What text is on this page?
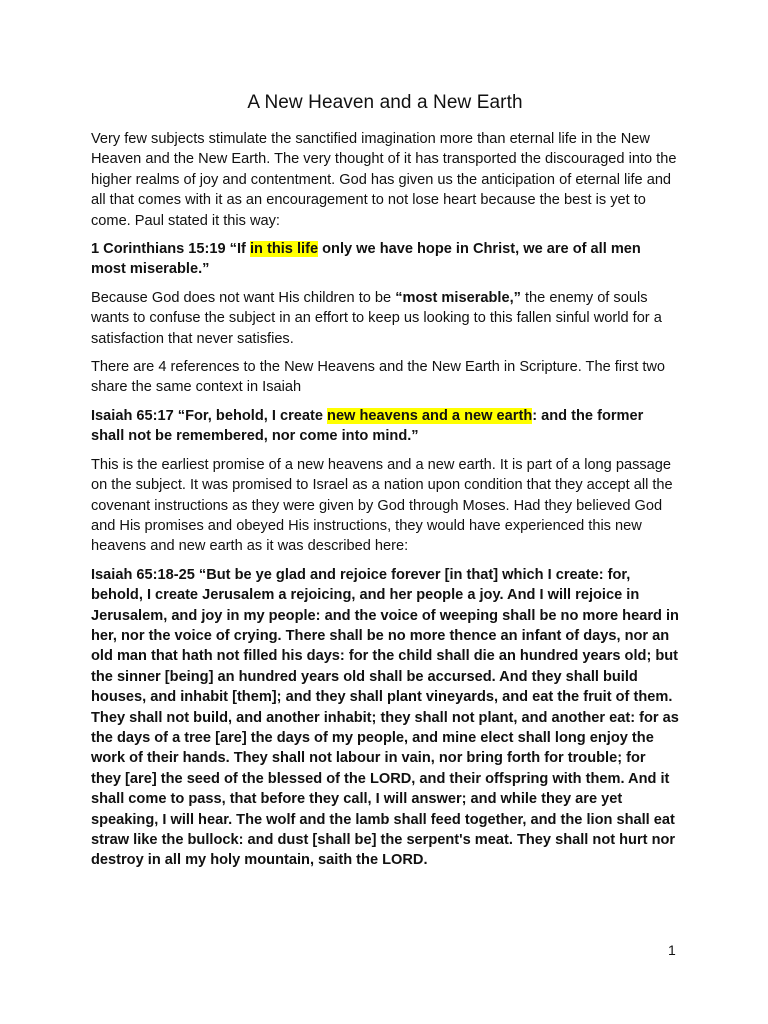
A New Heaven and a New Earth

Very few subjects stimulate the sanctified imagination more than eternal life in the New Heaven and the New Earth. The very thought of it has transported the discouraged into the higher realms of joy and contentment. God has given us the anticipation of eternal life and all that comes with it as an encouragement to not lose heart because the best is yet to come. Paul stated it this way:

1 Corinthians 15:19 “If in this life only we have hope in Christ, we are of all men most miserable.”

Because God does not want His children to be “most miserable,” the enemy of souls wants to confuse the subject in an effort to keep us looking to this fallen sinful world for a satisfaction that never satisfies.

There are 4 references to the New Heavens and the New Earth in Scripture. The first two share the same context in Isaiah

Isaiah 65:17 “For, behold, I create new heavens and a new earth: and the former shall not be remembered, nor come into mind.”

This is the earliest promise of a new heavens and a new earth. It is part of a long passage on the subject. It was promised to Israel as a nation upon condition that they accept all the covenant instructions as they were given by God through Moses. Had they believed God and His promises and obeyed His instructions, they would have experienced this new heavens and new earth as it was described here:

Isaiah 65:18-25 “But be ye glad and rejoice forever [in that] which I create: for, behold, I create Jerusalem a rejoicing, and her people a joy. And I will rejoice in Jerusalem, and joy in my people: and the voice of weeping shall be no more heard in her, nor the voice of crying. There shall be no more thence an infant of days, nor an old man that hath not filled his days: for the child shall die an hundred years old; but the sinner [being] an hundred years old shall be accursed. And they shall build houses, and inhabit [them]; and they shall plant vineyards, and eat the fruit of them. They shall not build, and another inhabit; they shall not plant, and another eat: for as the days of a tree [are] the days of my people, and mine elect shall long enjoy the work of their hands. They shall not labour in vain, nor bring forth for trouble; for they [are] the seed of the blessed of the LORD, and their offspring with them. And it shall come to pass, that before they call, I will answer; and while they are yet speaking, I will hear. The wolf and the lamb shall feed together, and the lion shall eat straw like the bullock: and dust [shall be] the serpent's meat. They shall not hurt nor destroy in all my holy mountain, saith the LORD.

1
